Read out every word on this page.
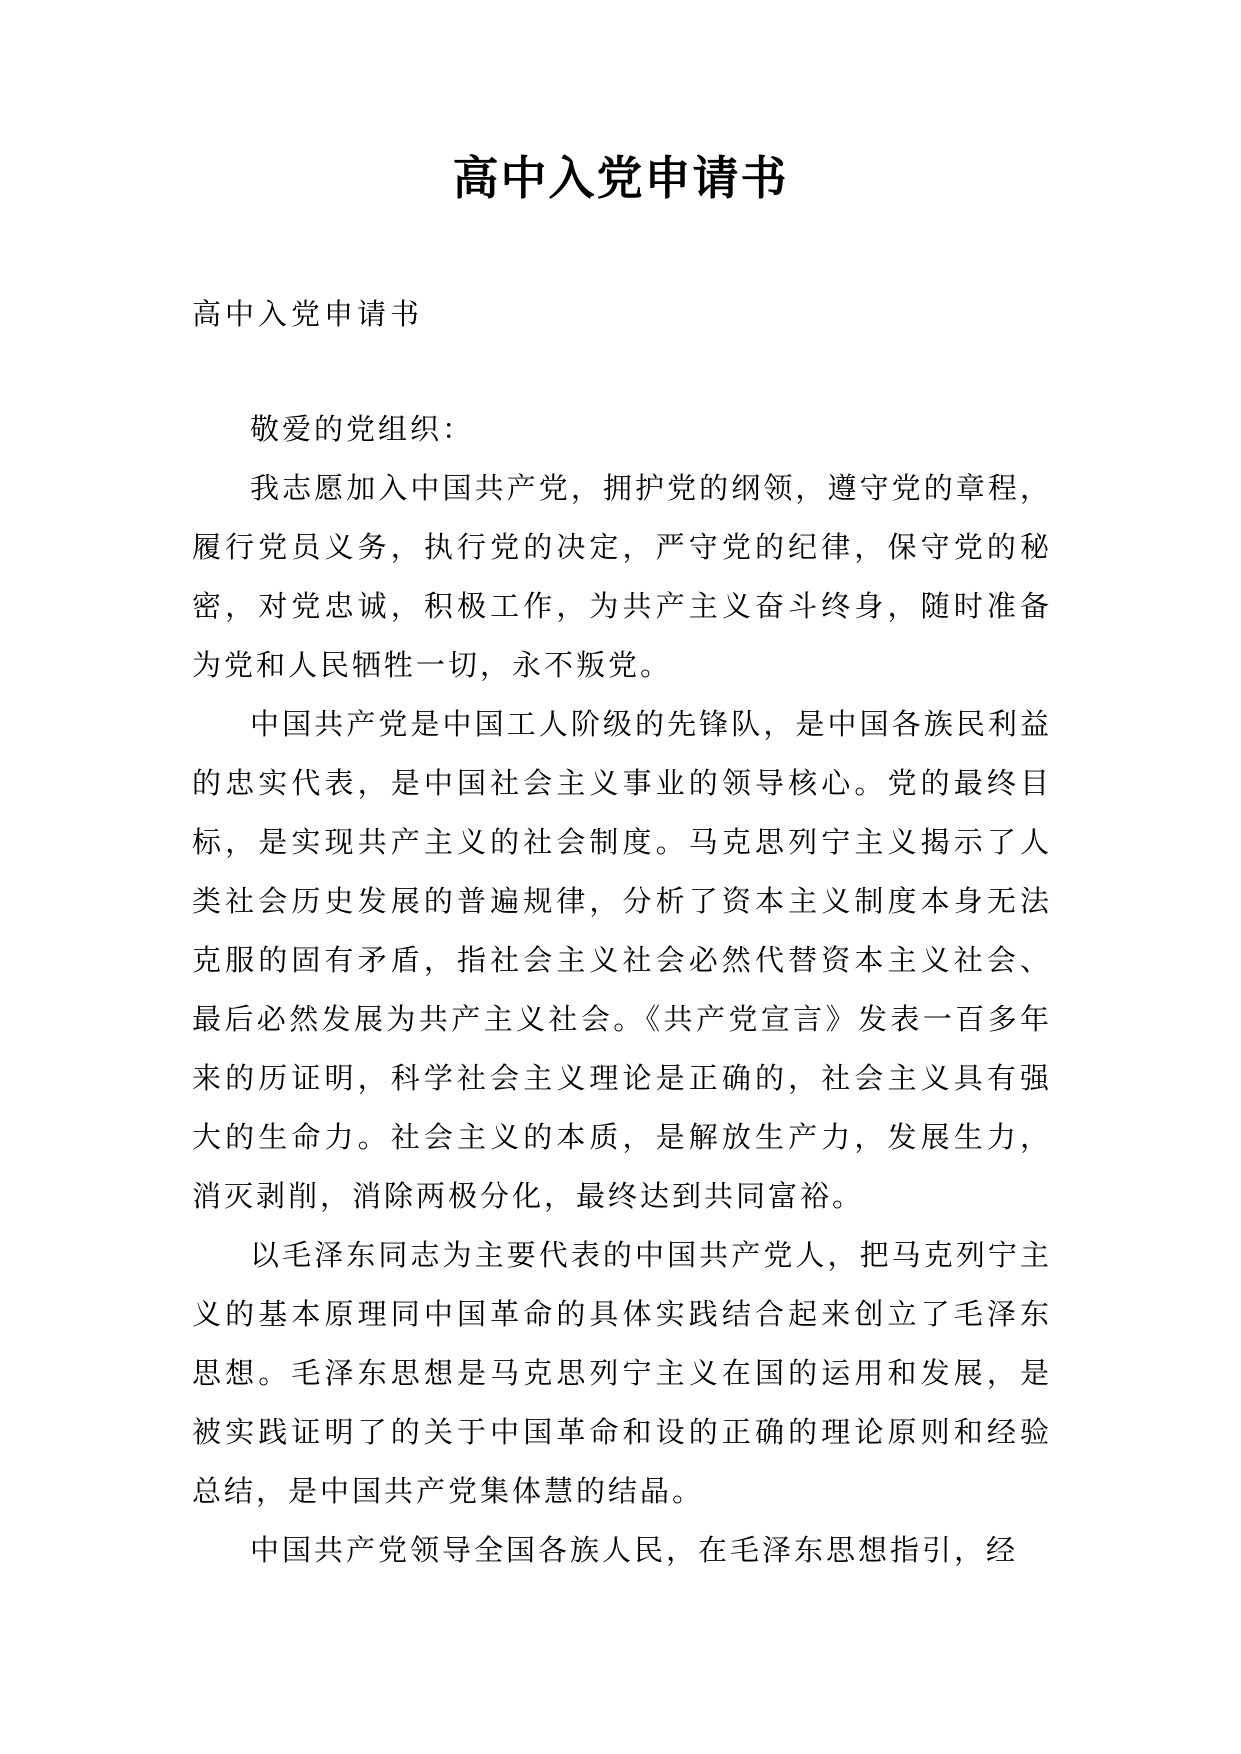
高中入党申请书
高中入党申请书

敬爱的党组织：

我志愿加入中国共产党，拥护党的纲领，遵守党的章程，履行党员义务，执行党的决定，严守党的纪律，保守党的秘密，对党忠诚，积极工作，为共产主义奋斗终身，随时准备为党和人民牺牲一切，永不叛党。

中国共产党是中国工人阶级的先锋队，是中国各族民利益的忠实代表，是中国社会主义事业的领导核心。党的最终目标，是实现共产主义的社会制度。马克思列宁主义揭示了人类社会历史发展的普遍规律，分析了资本主义制度本身无法克服的固有矛盾，指社会主义社会必然代替资本主义社会、最后必然发展为共产主义社会。《共产党宣言》发表一百多年来的历证明，科学社会主义理论是正确的，社会主义具有强大的生命力。社会主义的本质，是解放生产力，发展生力，消灭剥削，消除两极分化，最终达到共同富裕。

以毛泽东同志为主要代表的中国共产党人，把马克列宁主义的基本原理同中国革命的具体实践结合起来创立了毛泽东思想。毛泽东思想是马克思列宁主义在国的运用和发展，是被实践证明了的关于中国革命和设的正确的理论原则和经验总结，是中国共产党集体慧的结晶。

中国共产党领导全国各族人民，在毛泽东思想指引，经
